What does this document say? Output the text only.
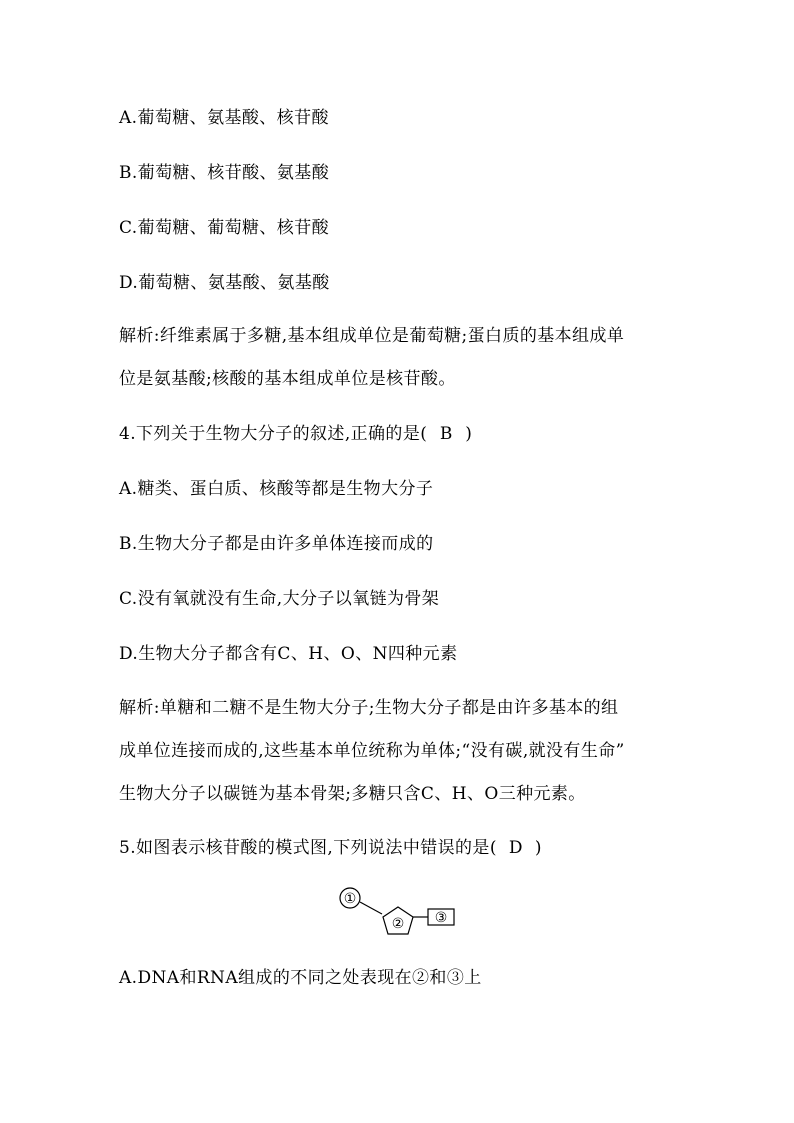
A.葡萄糖、氨基酸、核苷酸
B.葡萄糖、核苷酸、氨基酸
C.葡萄糖、葡萄糖、核苷酸
D.葡萄糖、氨基酸、氨基酸
解析:纤维素属于多糖,基本组成单位是葡萄糖;蛋白质的基本组成单
位是氨基酸;核酸的基本组成单位是核苷酸。
4.下列关于生物大分子的叙述,正确的是( B )
A.糖类、蛋白质、核酸等都是生物大分子
B.生物大分子都是由许多单体连接而成的
C.没有氧就没有生命,大分子以氧链为骨架
D.生物大分子都含有C、H、O、N四种元素
解析:单糖和二糖不是生物大分子;生物大分子都是由许多基本的组
成单位连接而成的,这些基本单位统称为单体;“没有碳,就没有生命”
生物大分子以碳链为基本骨架;多糖只含C、H、O三种元素。
5.如图表示核苷酸的模式图,下列说法中错误的是( D )
①
② ③
A.DNA和RNA组成的不同之处表现在②和③上
